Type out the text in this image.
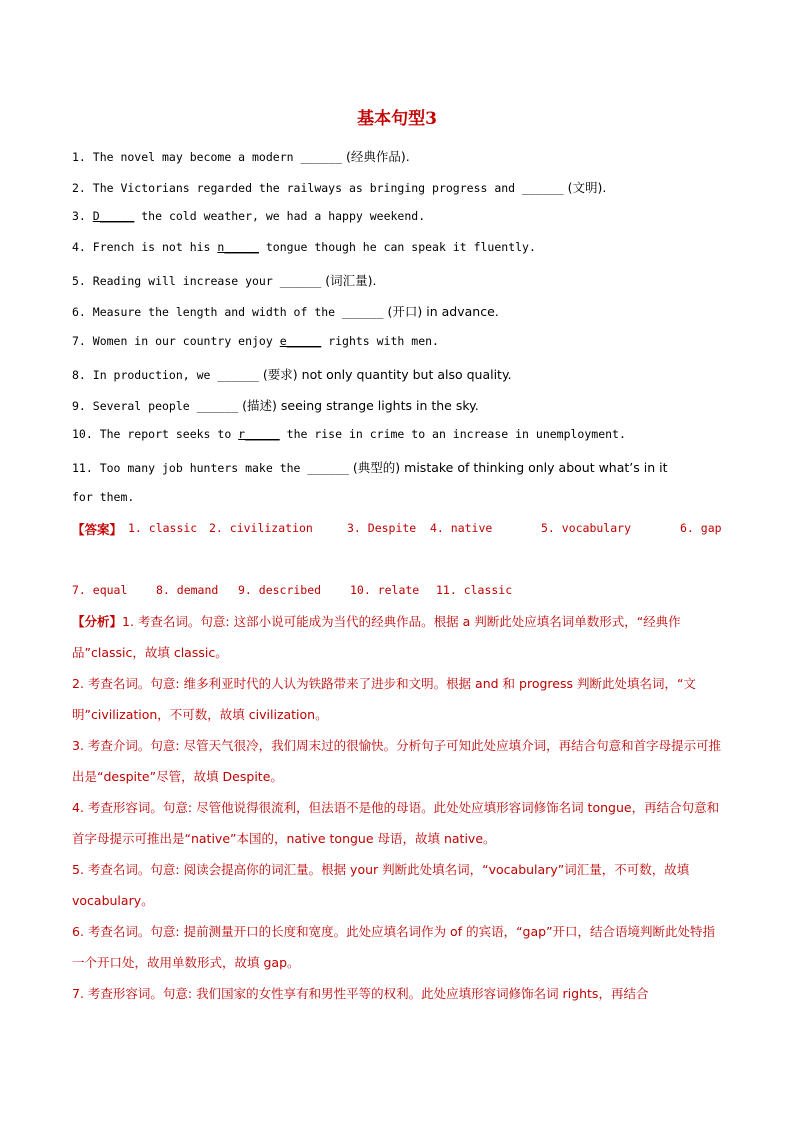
基本句型3
1. The novel may become a modern ______ (经典作品).
2. The Victorians regarded the railways as bringing progress and ______ (文明).
3. D_____ the cold weather, we had a happy weekend.
4. French is not his n_____ tongue though he can speak it fluently.
5. Reading will increase your ______ (词汇量).
6. Measure the length and width of the ______ (开口) in advance.
7. Women in our country enjoy e_____ rights with men.
8. In production, we ______ (要求) not only quantity but also quality.
9. Several people ______ (描述) seeing strange lights in the sky.
10. The report seeks to r_____ the rise in crime to an increase in unemployment.
11. Too many job hunters make the ______ (典型的) mistake of thinking only about what’s in it
for them.
【答案】 1. classic 2. civilization	3. Despite 4. native	5. vocabulary	6. gap
7. equal 8. demand 9. described	10. relate 11. classic
【分析】1. 考查名词。句意: 这部小说可能成为当代的经典作品。根据 a 判断此处应填名词单数形式，“经典作品”classic，故填 classic。
2. 考查名词。句意: 维多利亚时代的人认为铁路带来了进步和文明。根据 and 和 progress 判断此处填名词，“文明”civilization，不可数，故填 civilization。
3. 考查介词。句意: 尽管天气很冷，我们周末过的很愉快。分析句子可知此处应填介词，再结合句意和首字母提示可推出是“despite”尽管，故填 Despite。
4. 考查形容词。句意: 尽管他说得很流利，但法语不是他的母语。此处处应填形容词修饰名词 tongue，再结合句意和首字母提示可推出是“native”本国的，native tongue 母语，故填 native。
5. 考查名词。句意: 阅读会提高你的词汇量。根据 your 判断此处填名词，“vocabulary”词汇量，不可数，故填 vocabulary。
6. 考查名词。句意: 提前测量开口的长度和宽度。此处应填名词作为 of 的宾语，“gap”开口，结合语境判断此处特指一个开口处，故用单数形式，故填 gap。
7. 考查形容词。句意: 我们国家的女性享有和男性平等的权利。此处应填形容词修饰名词 rights，再结合
